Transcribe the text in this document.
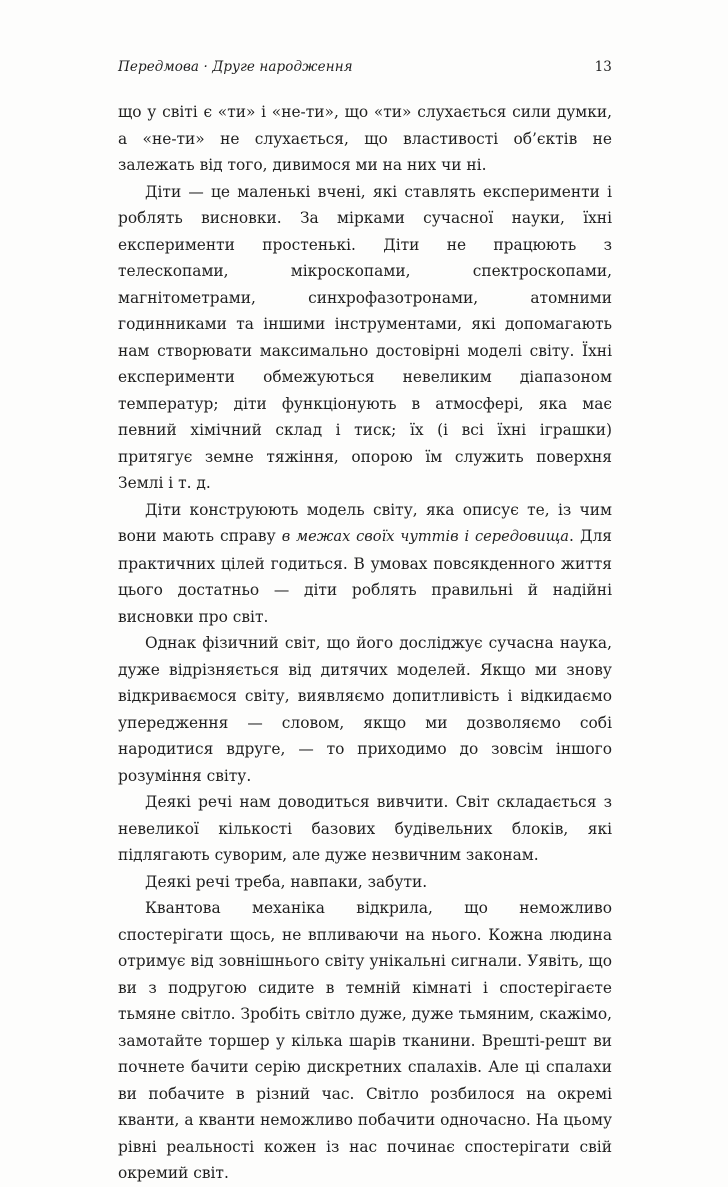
Передмова · Друге народження	13

що у світі є «ти» і «не-ти», що «ти» слухається сили думки, а «не-ти» не слухається, що властивості об’єктів не залежать від того, дивимося ми на них чи ні.

Діти — це маленькі вчені, які ставлять експерименти і роблять висновки. За мірками сучасної науки, їхні експерименти простенькі. Діти не працюють з телескопами, мікроскопами, спектроскопами, магнітометрами, синхрофазотронами, атомними годинниками та іншими інструментами, які допомагають нам створювати максимально достовірні моделі світу. Їхні експерименти обмежуються невеликим діапазоном температур; діти функціонують в атмосфері, яка має певний хімічний склад і тиск; їх (і всі їхні іграшки) притягує земне тяжіння, опорою їм служить поверхня Землі і т. д.

Діти конструюють модель світу, яка описує те, із чим вони мають справу в межах своїх чуттів і середовища. Для практичних цілей годиться. В умовах повсякденного життя цього достатньо — діти роблять правильні й надійні висновки про світ.

Однак фізичний світ, що його досліджує сучасна наука, дуже відрізняється від дитячих моделей. Якщо ми знову відкриваємося світу, виявляємо допитливість і відкидаємо упередження — словом, якщо ми дозволяємо собі народитися вдруге, — то приходимо до зовсім іншого розуміння світу.

Деякі речі нам доводиться вивчити. Світ складається з невеликої кількості базових будівельних блоків, які підлягають суворим, але дуже незвичним законам.

Деякі речі треба, навпаки, забути.

Квантова механіка відкрила, що неможливо спостерігати щось, не впливаючи на нього. Кожна людина отримує від зовнішнього світу унікальні сигнали. Уявіть, що ви з подругою сидите в темній кімнаті і спостерігаєте тьмяне світло. Зробіть світло дуже, дуже тьмяним, скажімо, замотайте торшер у кілька шарів тканини. Врешті-решт ви почнете бачити серію дискретних спалахів. Але ці спалахи ви побачите в різний час. Світло розбилося на окремі кванти, а кванти неможливо побачити одночасно. На цьому рівні реальності кожен із нас починає спостерігати свій окремий світ.
